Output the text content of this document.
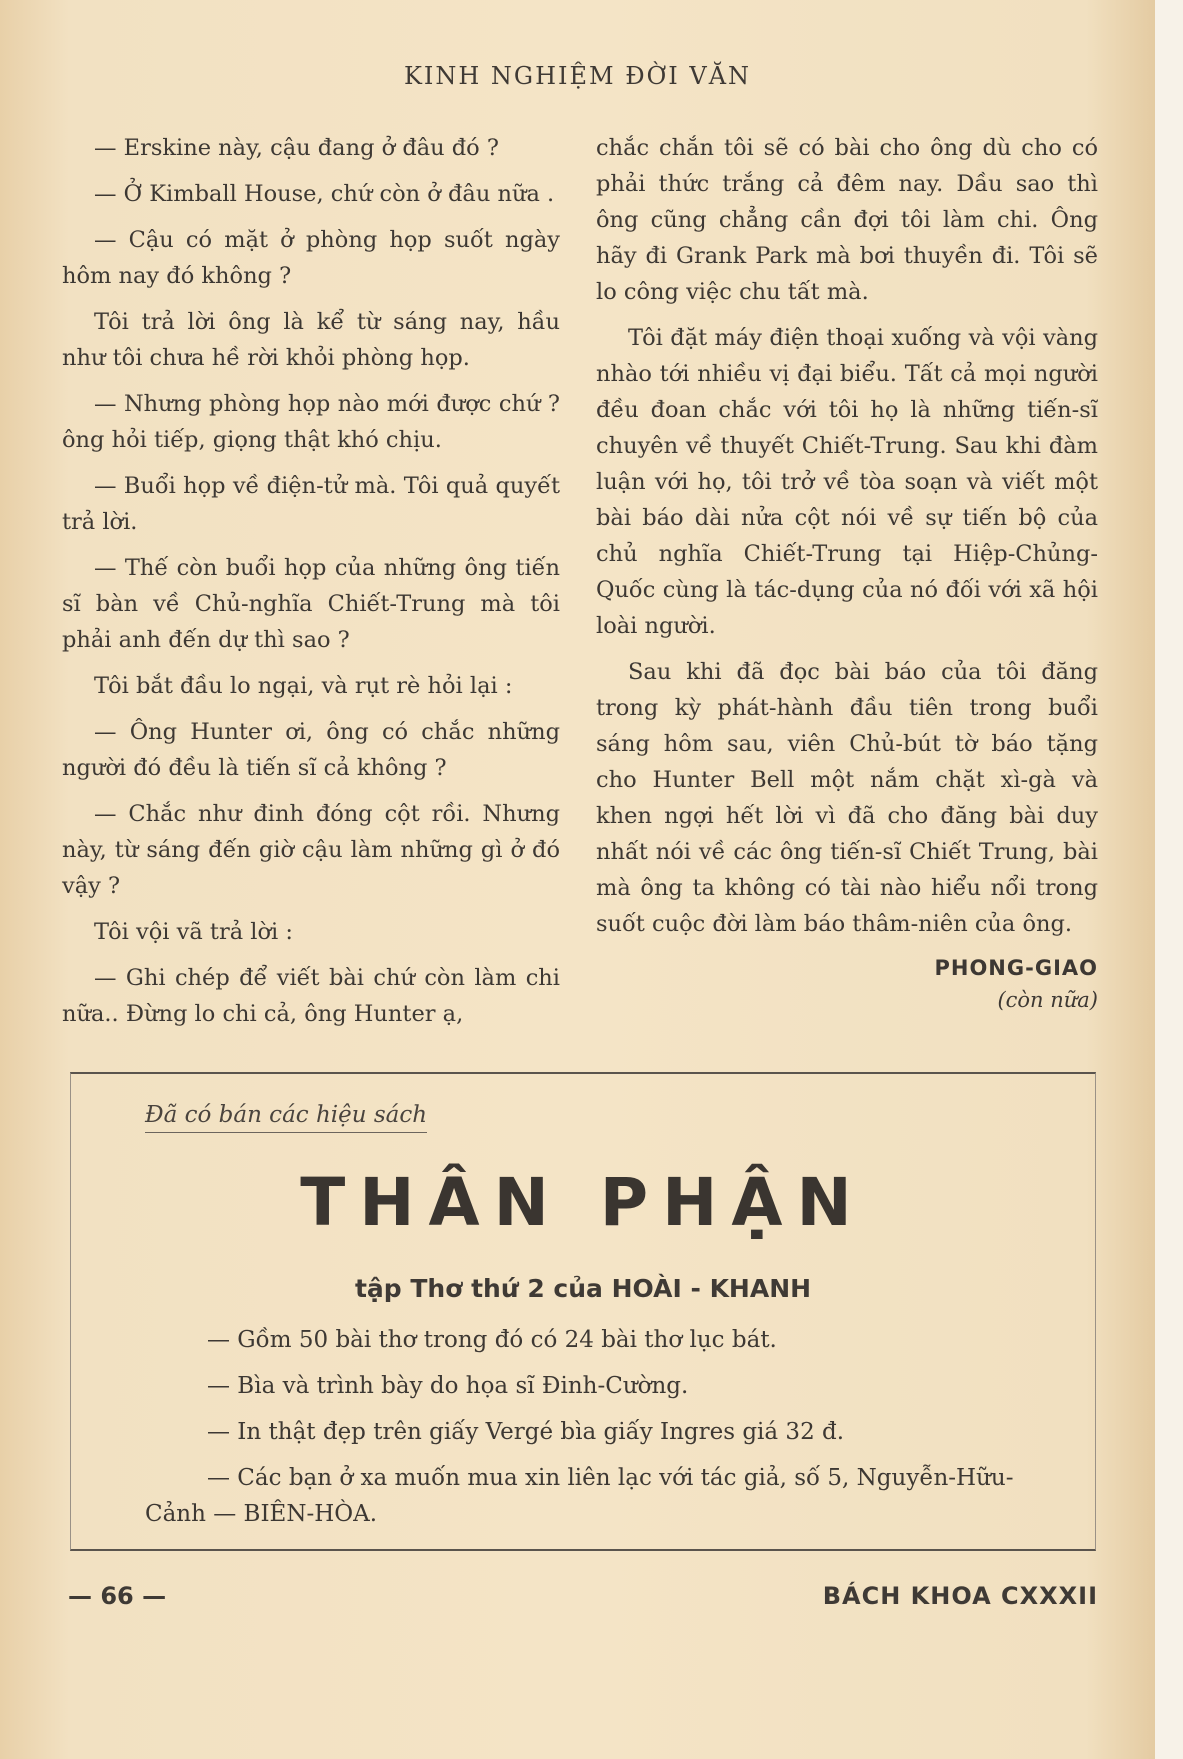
KINH NGHIỆM ĐỜI VĂN

— Erskine này, cậu đang ở đâu đó ?

— Ở Kimball House, chứ còn ở đâu nữa .

— Cậu có mặt ở phòng họp suốt ngày hôm nay đó không ?

Tôi trả lời ông là kể từ sáng nay, hầu như tôi chưa hề rời khỏi phòng họp.

— Nhưng phòng họp nào mới được chứ ? ông hỏi tiếp, giọng thật khó chịu.

— Buổi họp về điện-tử mà. Tôi quả quyết trả lời.

— Thế còn buổi họp của những ông tiến sĩ bàn về Chủ-nghĩa Chiết-Trung mà tôi phải anh đến dự thì sao ?

Tôi bắt đầu lo ngại, và rụt rè hỏi lại :

— Ông Hunter ơi, ông có chắc những người đó đều là tiến sĩ cả không ?

— Chắc như đinh đóng cột rồi. Nhưng này, từ sáng đến giờ cậu làm những gì ở đó vậy ?

Tôi vội vã trả lời :

— Ghi chép để viết bài chứ còn làm chi nữa.. Đừng lo chi cả, ông Hunter ạ,

chắc chắn tôi sẽ có bài cho ông dù cho có phải thức trắng cả đêm nay. Dầu sao thì ông cũng chẳng cần đợi tôi làm chi. Ông hãy đi Grank Park mà bơi thuyền đi. Tôi sẽ lo công việc chu tất mà.

Tôi đặt máy điện thoại xuống và vội vàng nhào tới nhiều vị đại biểu. Tất cả mọi người đều đoan chắc với tôi họ là những tiến-sĩ chuyên về thuyết Chiết-Trung. Sau khi đàm luận với họ, tôi trở về tòa soạn và viết một bài báo dài nửa cột nói về sự tiến bộ của chủ nghĩa Chiết-Trung tại Hiệp-Chủng-Quốc cùng là tác-dụng của nó đối với xã hội loài người.

Sau khi đã đọc bài báo của tôi đăng trong kỳ phát-hành đầu tiên trong buổi sáng hôm sau, viên Chủ-bút tờ báo tặng cho Hunter Bell một nắm chặt xì-gà và khen ngợi hết lời vì đã cho đăng bài duy nhất nói về các ông tiến-sĩ Chiết Trung, bài mà ông ta không có tài nào hiểu nổi trong suốt cuộc đời làm báo thâm-niên của ông.

PHONG-GIAO
(còn nữa)
Đã có bán các hiệu sách
THÂN PHẬN
tập Thơ thứ 2 của HOÀI - KHANH

— Gồm 50 bài thơ trong đó có 24 bài thơ lục bát.

— Bìa và trình bày do họa sĩ Đinh-Cường.

— In thật đẹp trên giấy Vergé bìa giấy Ingres giá 32 đ.

— Các bạn ở xa muốn mua xin liên lạc với tác giả, số 5, Nguyễn-Hữu-Cảnh — BIÊN-HÒA.

— 66 —	BÁCH KHOA CXXXII
